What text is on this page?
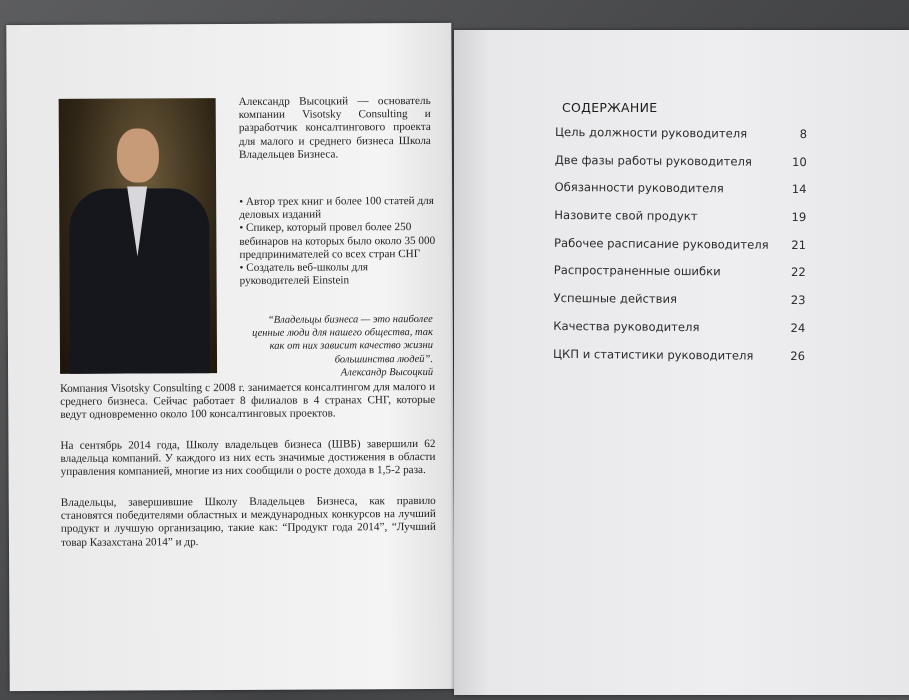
Александр Высоцкий — основатель компании Visotsky Consulting и разработчик консалтингового проекта для малого и среднего бизнеса Школа Владельцев Бизнеса.
• Автор трех книг и более 100 статей для деловых изданий
• Спикер, который провел более 250 вебинаров на которых было около 35 000 предпринимателей со всех стран СНГ
• Создатель веб-школы для руководителей Einstein
“Владельцы бизнеса — это наиболее ценные люди для нашего общества, так как от них зависит качество жизни большинства людей”.
Александр Высоцкий
Компания Visotsky Consulting с 2008 г. занимается консалтингом для малого и среднего бизнеса. Сейчас работает 8 филиалов в 4 странах СНГ, которые ведут одновременно около 100 консалтинговых проектов.
На сентябрь 2014 года, Школу владельцев бизнеса (ШВБ) завершили 62 владельца компаний. У каждого из них есть значимые достижения в области управления компанией, многие из них сообщили о росте дохода в 1,5-2 раза.
Владельцы, завершившие Школу Владельцев Бизнеса, как правило становятся победителями областных и международных конкурсов на лучший продукт и лучшую организацию, такие как: “Продукт года 2014”, “Лучший товар Казахстана 2014” и др.
СОДЕРЖАНИЕ
Цель должности руководителя	8
Две фазы работы руководителя	10
Обязанности руководителя	14
Назовите свой продукт	19
Рабочее расписание руководителя	21
Распространенные ошибки	22
Успешные действия	23
Качества руководителя	24
ЦКП и статистики руководителя	26
